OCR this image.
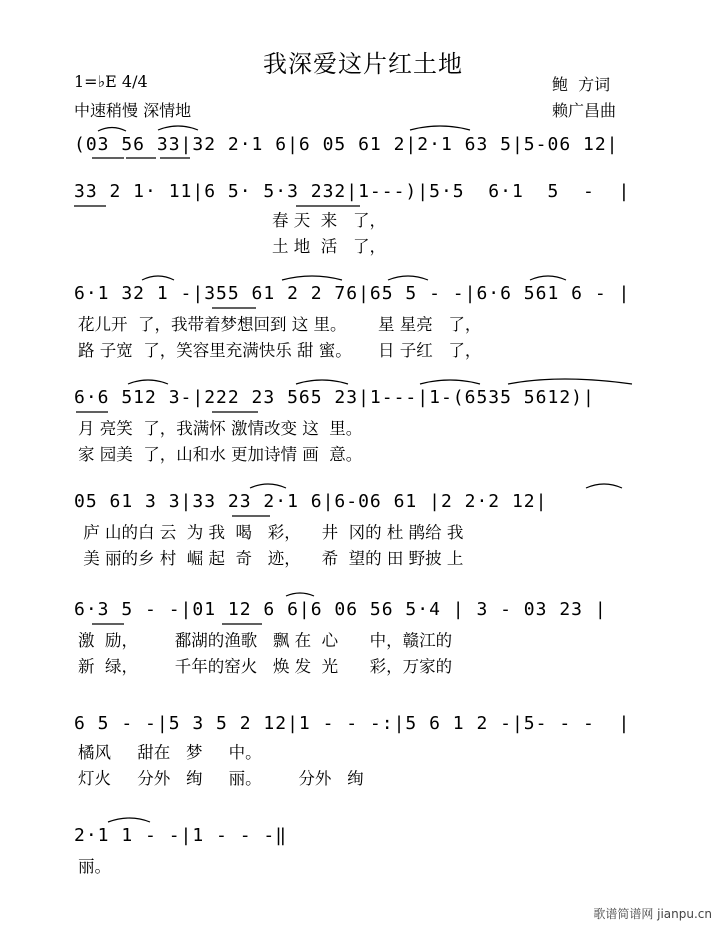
我深爱这片红土地
1=♭E 4/4
中速稍慢 深情地
鲍  方词
赖广昌曲
(03 56 33|32 2·1 6|6 05 61 2|2·1 63 5|5-06 12|
33 2 1· 11|6 5· 5·3 232|1---)|5·5  6·1  5  -  |
春 天  来   了，
土 地  活   了，
6·1 32 1 -|355 61 2 2 76|65 5 - -|6·6 561 6 - |
花儿开  了，我带着梦想回到 这 里。      星 星亮   了，
路 子宽  了，笑容里充满快乐 甜 蜜。     日 子红   了，
6·6 512 3-|222 23 565 23|1---|1-(6535 5612)|
月 亮笑  了，我满怀 激情改变 这  里。
家 园美  了，山和水 更加诗情 画  意。
05 61 3 3|33 23 2·1 6|6-06 61 |2 2·2 12|
庐 山的白 云  为 我  喝   彩，    井  冈的 杜 鹃给 我
美 丽的乡 村  崛 起  奇   迹，    希  望的 田 野披 上
6·3 5 - -|01 12 6 6|6 06 56 5·4 | 3 - 03 23 |
激  励，       鄱湖的渔歌   飘 在  心      中，赣江的
新  绿，       千年的窑火   焕 发  光      彩，万家的
6 5 - -|5 3 5 2 12|1 - - -:|5 6 1 2 -|5- - -  |
橘风     甜在   梦     中。
灯火     分外   绚     丽。       分外   绚
2·1 1 - -|1 - - -‖
丽。
歌谱简谱网 jianpu.cn
